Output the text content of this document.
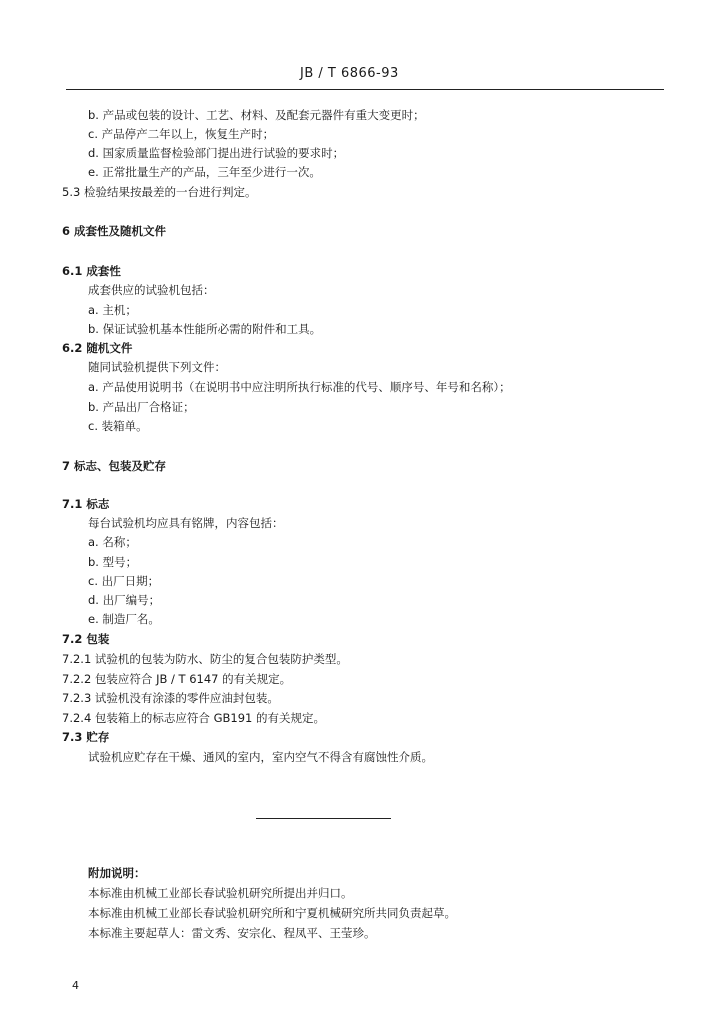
JB / T 6866-93
b. 产品或包装的设计、工艺、材料、及配套元器件有重大变更时；
c. 产品停产二年以上，恢复生产时；
d. 国家质量监督检验部门提出进行试验的要求时；
e. 正常批量生产的产品，三年至少进行一次。
5.3 检验结果按最差的一台进行判定。
6 成套性及随机文件
6.1 成套性
成套供应的试验机包括：
a. 主机；
b. 保证试验机基本性能所必需的附件和工具。
6.2 随机文件
随同试验机提供下列文件：
a. 产品使用说明书（在说明书中应注明所执行标准的代号、顺序号、年号和名称）；
b. 产品出厂合格证；
c. 装箱单。
7 标志、包装及贮存
7.1 标志
每台试验机均应具有铭牌，内容包括：
a. 名称；
b. 型号；
c. 出厂日期；
d. 出厂编号；
e. 制造厂名。
7.2 包装
7.2.1 试验机的包装为防水、防尘的复合包装防护类型。
7.2.2 包装应符合 JB / T 6147 的有关规定。
7.2.3 试验机没有涂漆的零件应油封包装。
7.2.4 包装箱上的标志应符合 GB191 的有关规定。
7.3 贮存
试验机应贮存在干燥、通风的室内，室内空气不得含有腐蚀性介质。
附加说明：
本标准由机械工业部长春试验机研究所提出并归口。
本标准由机械工业部长春试验机研究所和宁夏机械研究所共同负责起草。
本标准主要起草人：雷文秀、安宗化、程凤平、王莹珍。
4
